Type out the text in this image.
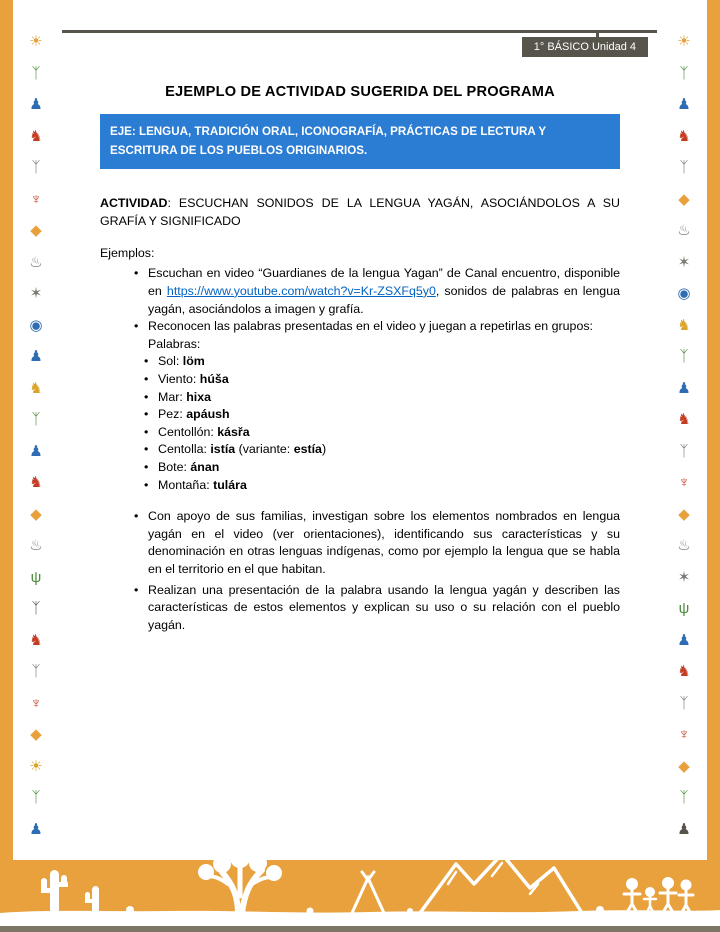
☀
ᛉ
♟
♞
ᛉ
♆
◆
♨
✶
◉
♟
♞
ᛉ
♟
♞
◆
♨
ψ
ᛉ
♞
ᛉ
♆
◆
☀
ᛉ
♟
☀
ᛉ
♟
♞
ᛉ
◆
♨
✶
◉
♞
ᛉ
♟
♞
ᛉ
♆
◆
♨
✶
ψ
♟
♞
ᛉ
♆
◆
ᛉ
♟
1° BÁSICO Unidad 4
EJEMPLO DE ACTIVIDAD SUGERIDA DEL PROGRAMA
EJE: LENGUA, TRADICIÓN ORAL, ICONOGRAFÍA, PRÁCTICAS DE LECTURA Y ESCRITURA DE LOS PUEBLOS ORIGINARIOS.

ACTIVIDAD: ESCUCHAN SONIDOS DE LA LENGUA YAGÁN, ASOCIÁNDOLOS A SU GRAFÍA Y SIGNIFICADO

Ejemplos:

• Escuchan en video “Guardianes de la lengua Yagan” de Canal encuentro, disponible en https://www.youtube.com/watch?v=Kr-ZSXFq5y0, sonidos de palabras en lengua yagán, asociándolos a imagen y grafía.
• Reconocen las palabras presentadas en el video y juegan a repetirlas en grupos:
Palabras:
• Sol: löm
• Viento: húša
• Mar: hixa
• Pez: apáush
• Centollón: kásřa
• Centolla: istía (variante: estía)
• Bote: ánan
• Montaña: tulára
• Con apoyo de sus familias, investigan sobre los elementos nombrados en lengua yagán en el video (ver orientaciones), identificando sus características y su denominación en otras lenguas indígenas, como por ejemplo la lengua que se habla en el territorio en el que habitan.
• Realizan una presentación de la palabra usando la lengua yagán y describen las características de estos elementos y explican su uso o su relación con el pueblo yagán.
